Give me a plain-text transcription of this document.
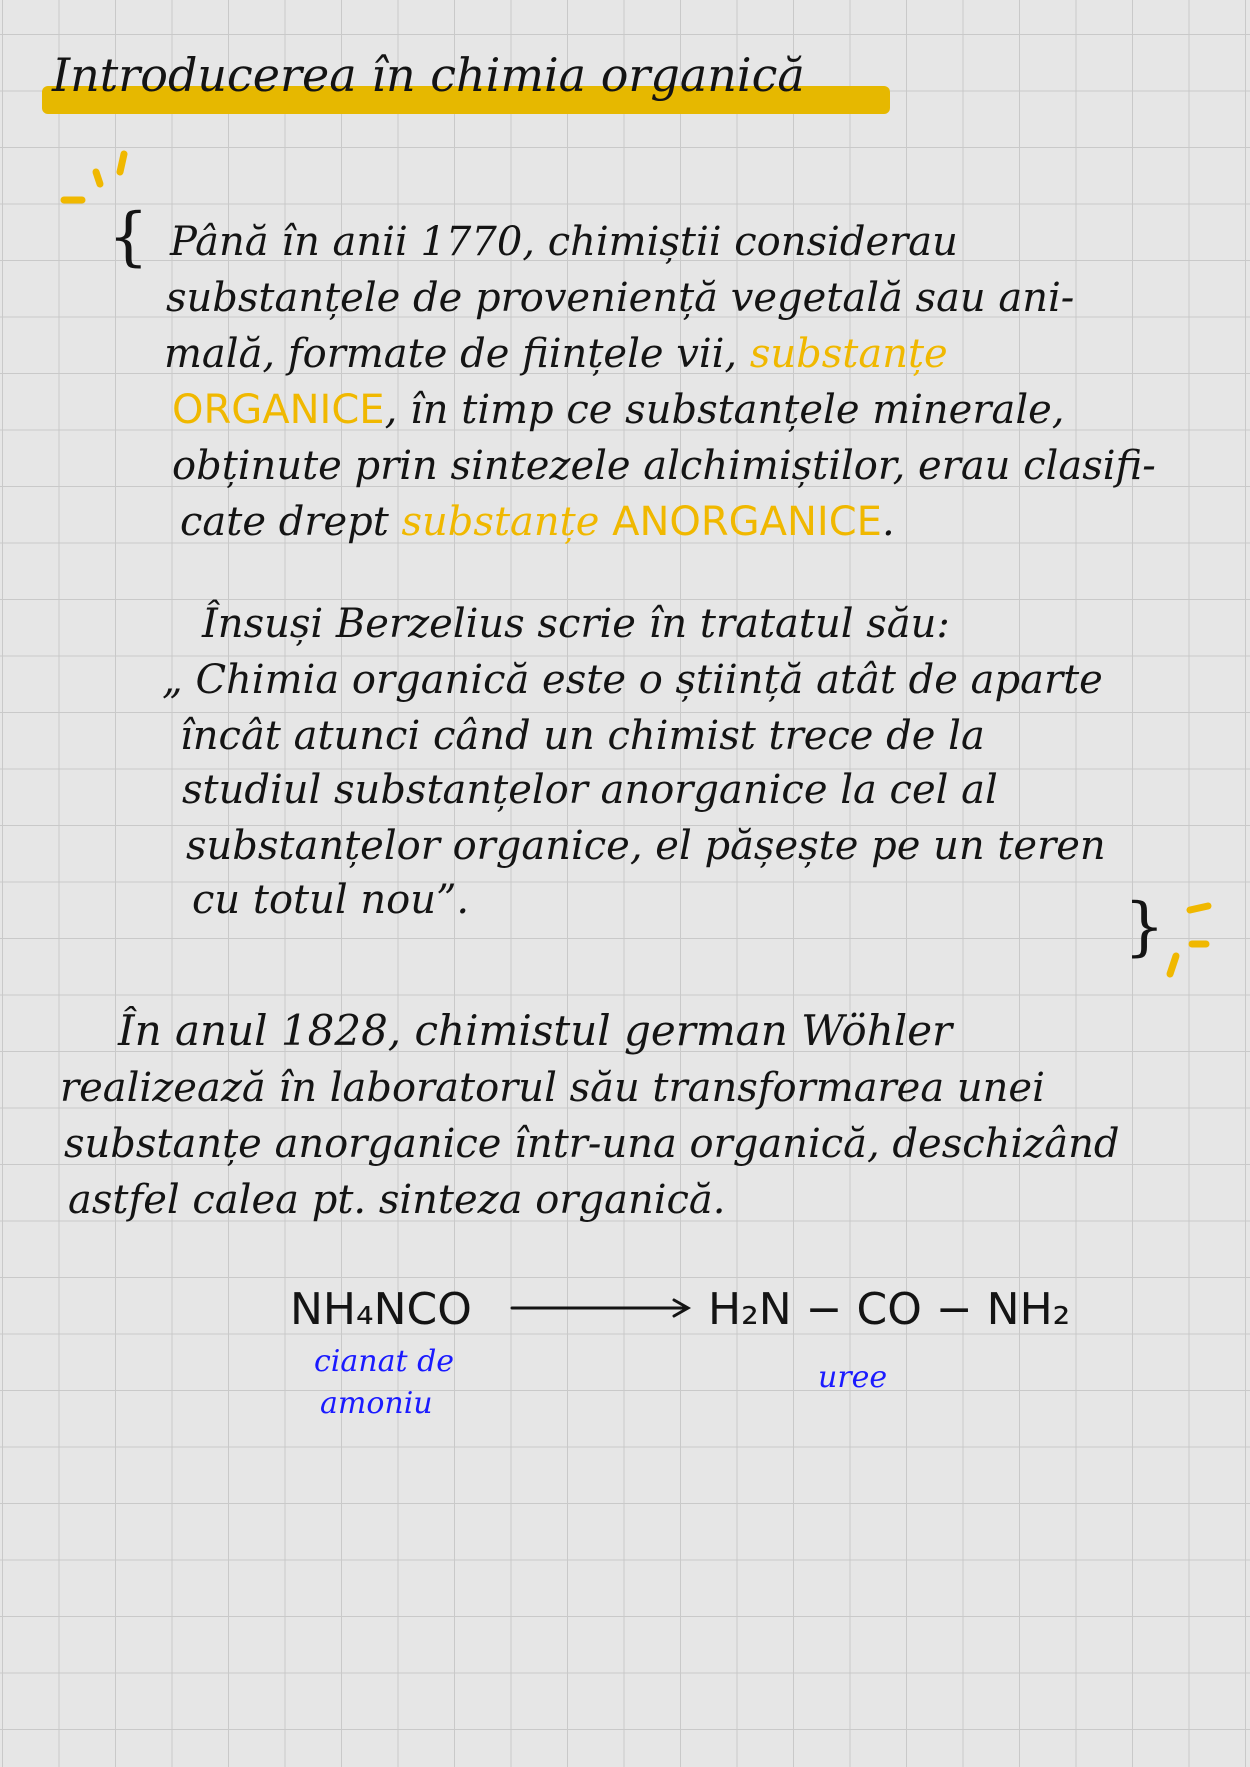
Introducerea în chimia organică
{
}
Până în anii 1770, chimiștii considerau
substanțele de proveniență vegetală sau ani-
mală, formate de ființele vii, substanțe
ORGANICE, în timp ce substanțele minerale,
obținute prin sintezele alchimiștilor, erau clasifi-
cate drept substanțe ANORGANICE.
Însuși Berzelius scrie în tratatul său:
„ Chimia organică este o știință atât de aparte
încât atunci când un chimist trece de la
studiul substanțelor anorganice la cel al
substanțelor organice, el pășește pe un teren
cu totul nou”.
În anul 1828, chimistul german Wöhler
realizează în laboratorul său transformarea unei
substanțe anorganice într-una organică, deschizând
astfel calea pt. sinteza organică.
NH₄NCO	H₂N − CO − NH₂
cianat de
amoniu
uree
